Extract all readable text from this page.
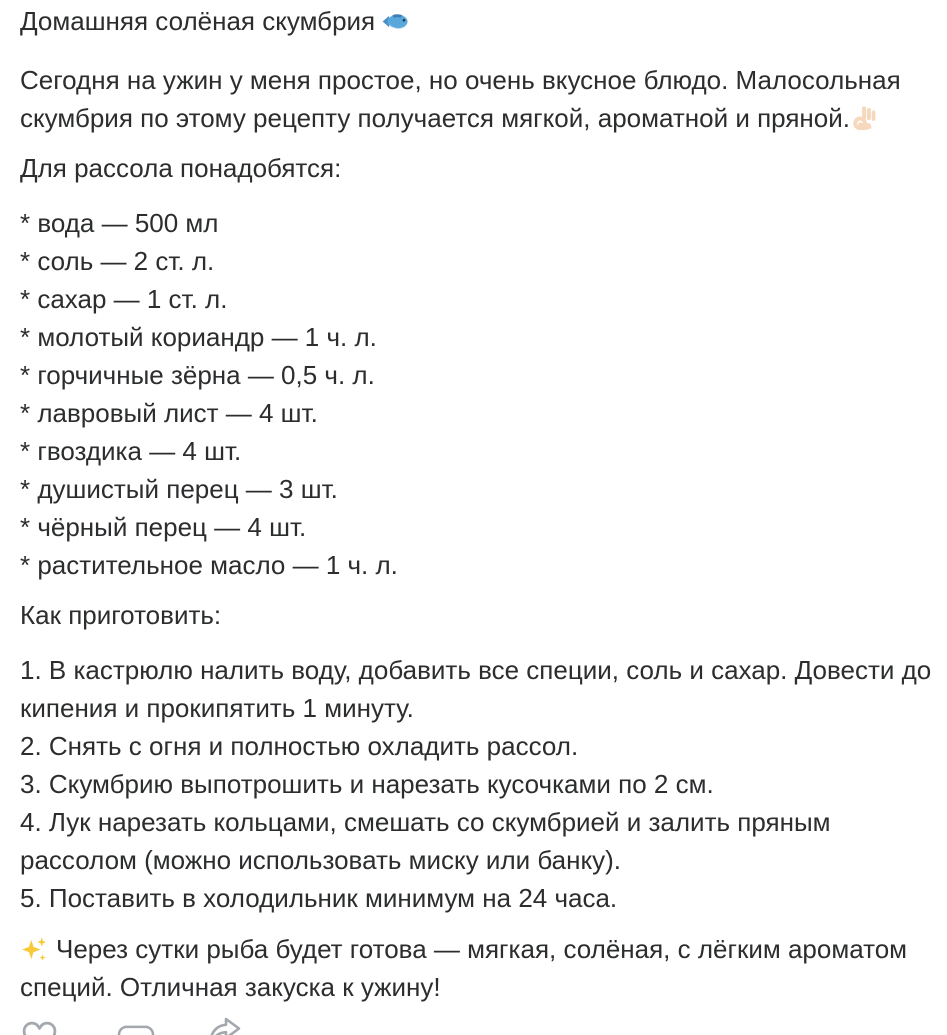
Домашняя солёная скумбрия
Сегодня на ужин у меня простое, но очень вкусное блюдо. Малосольная
скумбрия по этому рецепту получается мягкой, ароматной и пряной.
Для рассола понадобятся:
* вода — 500 мл
* соль — 2 ст. л.
* сахар — 1 ст. л.
* молотый кориандр — 1 ч. л.
* горчичные зёрна — 0,5 ч. л.
* лавровый лист — 4 шт.
* гвоздика — 4 шт.
* душистый перец — 3 шт.
* чёрный перец — 4 шт.
* растительное масло — 1 ч. л.
Как приготовить:
1. В кастрюлю налить воду, добавить все специи, соль и сахар. Довести до
кипения и прокипятить 1 минуту.
2. Снять с огня и полностью охладить рассол.
3. Скумбрию выпотрошить и нарезать кусочками по 2 см.
4. Лук нарезать кольцами, смешать со скумбрией и залить пряным
рассолом (можно использовать миску или банку).
5. Поставить в холодильник минимум на 24 часа.
Через сутки рыба будет готова — мягкая, солёная, с лёгким ароматом
специй. Отличная закуска к ужину!
